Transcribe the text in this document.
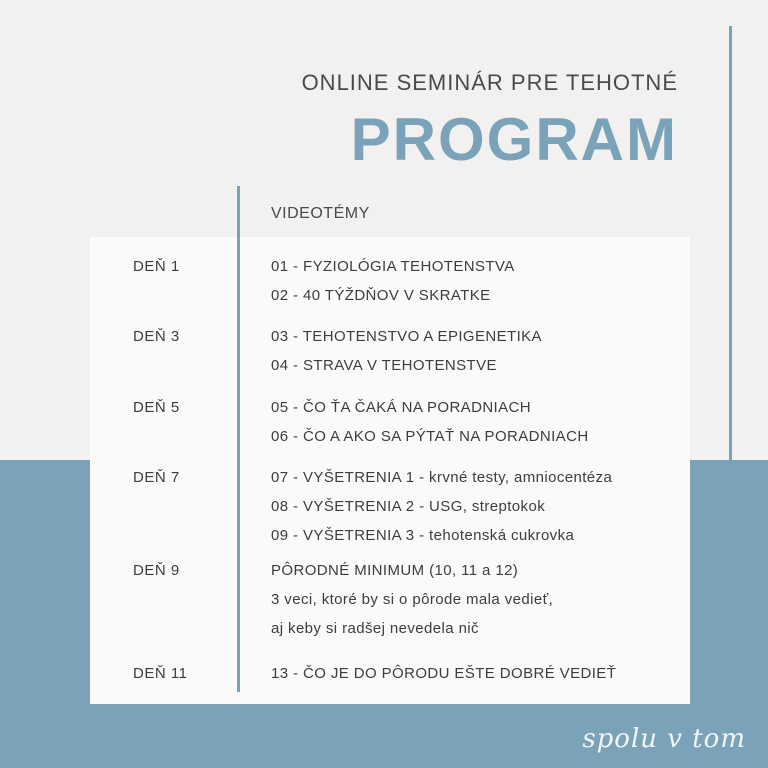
ONLINE SEMINÁR PRE TEHOTNÉ
PROGRAM
VIDEOTÉMY
DEŇ 1	01 - FYZIOLÓGIA TEHOTENSTVA
02 - 40 TÝŽDŇOV V SKRATKE
DEŇ 3	03 - TEHOTENSTVO A EPIGENETIKA
04 - STRAVA V TEHOTENSTVE
DEŇ 5	05 - ČO ŤA ČAKÁ NA PORADNIACH
06 - ČO A AKO SA PÝTAŤ NA PORADNIACH
DEŇ 7	07 - VYŠETRENIA 1 - krvné testy, amniocentéza
08 - VYŠETRENIA 2 - USG, streptokok
09 - VYŠETRENIA 3 - tehotenská cukrovka
DEŇ 9	PÔRODNÉ MINIMUM (10, 11 a 12)
3 veci, ktoré by si o pôrode mala vedieť,
aj keby si radšej nevedela nič
DEŇ 11	13 - ČO JE DO PÔRODU EŠTE DOBRÉ VEDIEŤ
spolu v tom
